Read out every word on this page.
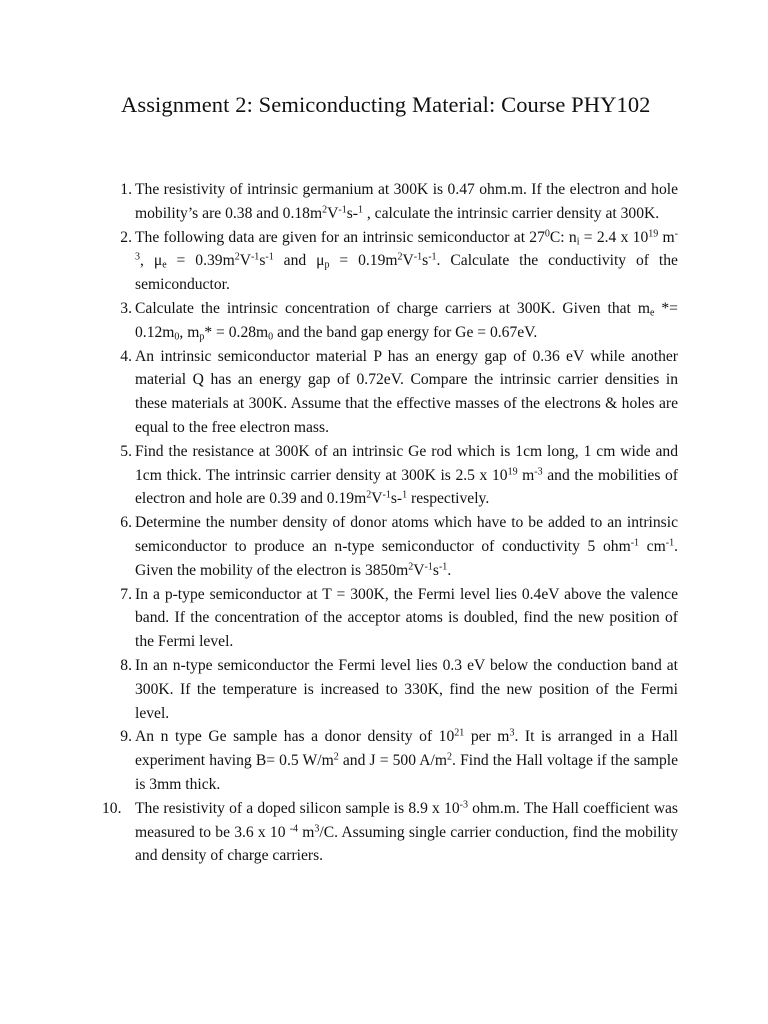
Assignment 2: Semiconducting Material: Course PHY102
1. The resistivity of intrinsic germanium at 300K is 0.47 ohm.m. If the electron and hole mobility’s are 0.38 and $0.18m^2V^{-1}s-^1$ , calculate the intrinsic carrier density at 300K.
2. The following data are given for an intrinsic semiconductor at $27^0C$: $n_i = 2.4$ x $10^{19}$ $m^{-3}$, $\mu_e = 0.39m^2V^{-1}s^{-1}$ and $\mu_p = 0.19m^2V^{-1}s^{-1}$. Calculate the conductivity of the semiconductor.
3. Calculate the intrinsic concentration of charge carriers at 300K. Given that $m_e *= 0.12m_0$, $m_p* = 0.28m_0$ and the band gap energy for Ge = 0.67eV.
4. An intrinsic semiconductor material P has an energy gap of 0.36 eV while another material Q has an energy gap of 0.72eV. Compare the intrinsic carrier densities in these materials at 300K. Assume that the effective masses of the electrons & holes are equal to the free electron mass.
5. Find the resistance at 300K of an intrinsic Ge rod which is 1cm long, 1 cm wide and 1cm thick. The intrinsic carrier density at 300K is 2.5 x $10^{19}$ $m^{-3}$ and the mobilities of electron and hole are 0.39 and $0.19m^2V^{-1}s-^1$ respectively.
6. Determine the number density of donor atoms which have to be added to an intrinsic semiconductor to produce an n-type semiconductor of conductivity 5 ohm$^{-1}$ $cm^{-1}$. Given the mobility of the electron is $3850m^2V^{-1}s^{-1}$.
7. In a p-type semiconductor at T = 300K, the Fermi level lies 0.4eV above the valence band. If the concentration of the acceptor atoms is doubled, find the new position of the Fermi level.
8. In an n-type semiconductor the Fermi level lies 0.3 eV below the conduction band at 300K. If the temperature is increased to 330K, find the new position of the Fermi level.
9. An n type Ge sample has a donor density of $10^{21}$ per $m^3$. It is arranged in a Hall experiment having B= 0.5 $W/m^2$ and J = 500 $A/m^2$. Find the Hall voltage if the sample is 3mm thick.
10. The resistivity of a doped silicon sample is 8.9 x $10^{-3}$ ohm.m. The Hall coefficient was measured to be 3.6 x 10 $^{-4}$ $m^3/C$. Assuming single carrier conduction, find the mobility and density of charge carriers.
